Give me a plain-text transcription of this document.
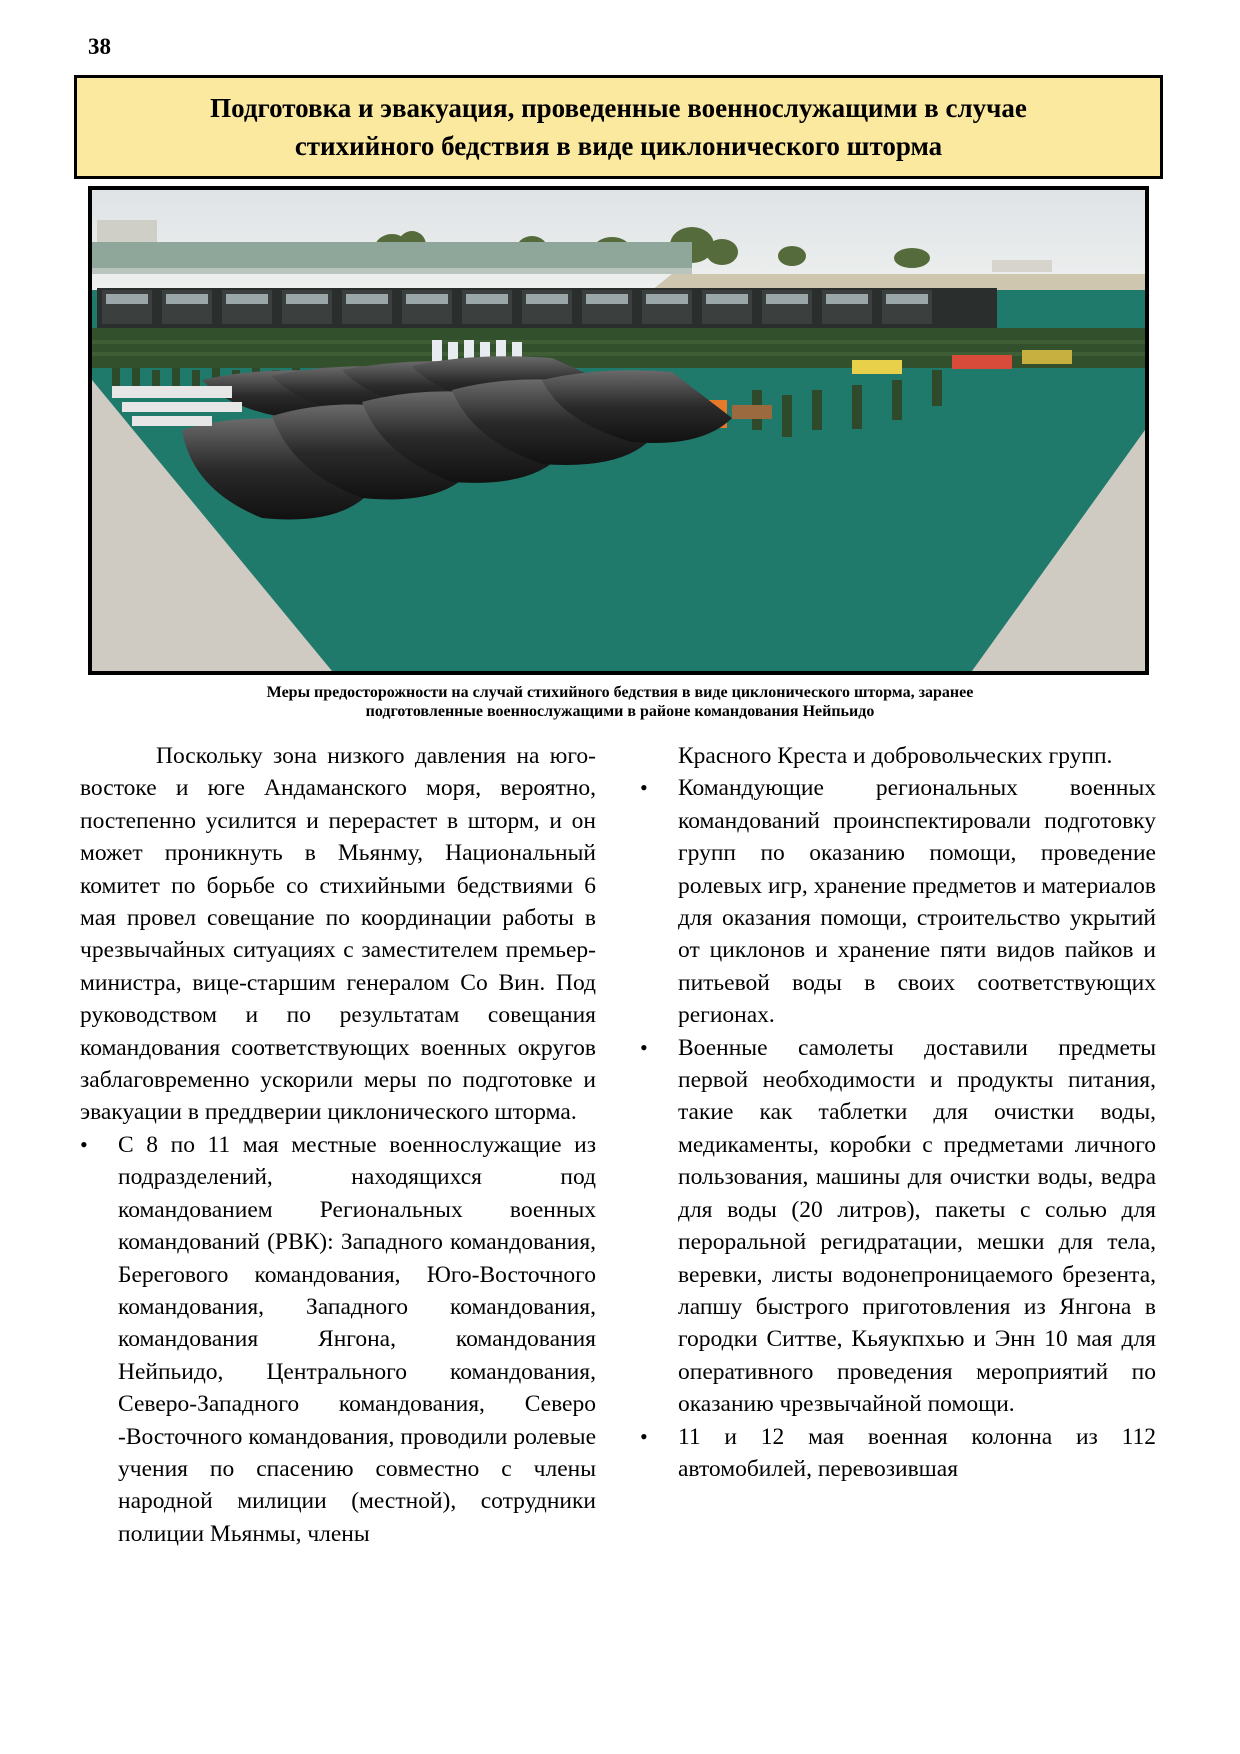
38
Подготовка и эвакуация, проведенные военнослужащими в случае
стихийного бедствия в виде циклонического шторма
Меры предосторожности на случай стихийного бедствия в виде циклонического шторма, заранее
подготовленные военнослужащими в районе командования Нейпьидо

Поскольку зона низкого давления на юго-востоке и юге Андаманского моря, вероятно, постепенно усилится и перерастет в шторм, и он может проникнуть в Мьянму, Национальный комитет по борьбе со стихийными бедствиями 6 мая провел совещание по координации работы в чрезвычайных ситуациях с заместителем премьер-министра, вице-старшим генералом Со Вин. Под руководством и по результатам совещания командования соответствующих военных округов заблаговременно ускорили меры по подготовке и эвакуации в преддверии циклонического шторма.

• С 8 по 11 мая местные военнослужащие из подразделений, находящихся под командованием Региональных военных командований (РВК): Западного командования, Берегового командования, Юго-Восточного командования, Западного командования, командования Янгона, командования Нейпьидо, Центрального командования, Северо-Западного командования, Северо -Восточного командования, проводили ролевые учения по спасению совместно с члены народной милиции (местной), сотрудники полиции Мьянмы, члены

Красного Креста и добровольческих групп.

• Командующие региональных военных командований проинспектировали подготовку групп по оказанию помощи, проведение ролевых игр, хранение предметов и материалов для оказания помощи, строительство укрытий от циклонов и хранение пяти видов пайков и питьевой воды в своих соответствующих регионах.
• Военные самолеты доставили предметы первой необходимости и продукты питания, такие как таблетки для очистки воды, медикаменты, коробки с предметами личного пользования, машины для очистки воды, ведра для воды (20 литров), пакеты с солью для пероральной регидратации, мешки для тела, веревки, листы водонепроницаемого брезента, лапшу быстрого приготовления из Янгона в городки Ситтве, Кьяукпхью и Энн 10 мая для оперативного проведения мероприятий по оказанию чрезвычайной помощи.
• 11 и 12 мая военная колонна из 112 автомобилей, перевозившая
